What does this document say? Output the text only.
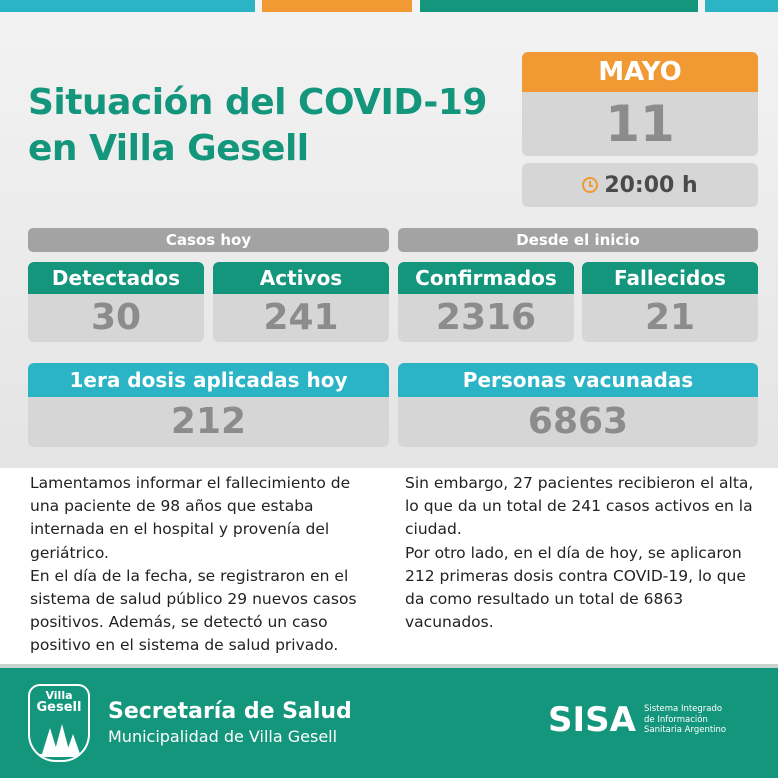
Situación del COVID-19
en Villa Gesell
MAYO
11
20:00 h
Casos hoy	Desde el inicio
Detectados
30
Activos
241
Confirmados
2316
Fallecidos
21
1era dosis aplicadas hoy
212
Personas vacunadas
6863
Lamentamos informar el fallecimiento de
una paciente de 98 años que estaba
internada en el hospital y provenía del
geriátrico.
En el día de la fecha, se registraron en el
sistema de salud público 29 nuevos casos
positivos. Además, se detectó un caso
positivo en el sistema de salud privado.
Sin embargo, 27 pacientes recibieron el alta,
lo que da un total de 241 casos activos en la
ciudad.
Por otro lado, en el día de hoy, se aplicaron
212 primeras dosis contra COVID-19, lo que
da como resultado un total de 6863
vacunados.
Villa
Gesell Secretaría de Salud
Municipalidad de Villa Gesell	SISA Sistema Integrado
de Información
Sanitaria Argentino
